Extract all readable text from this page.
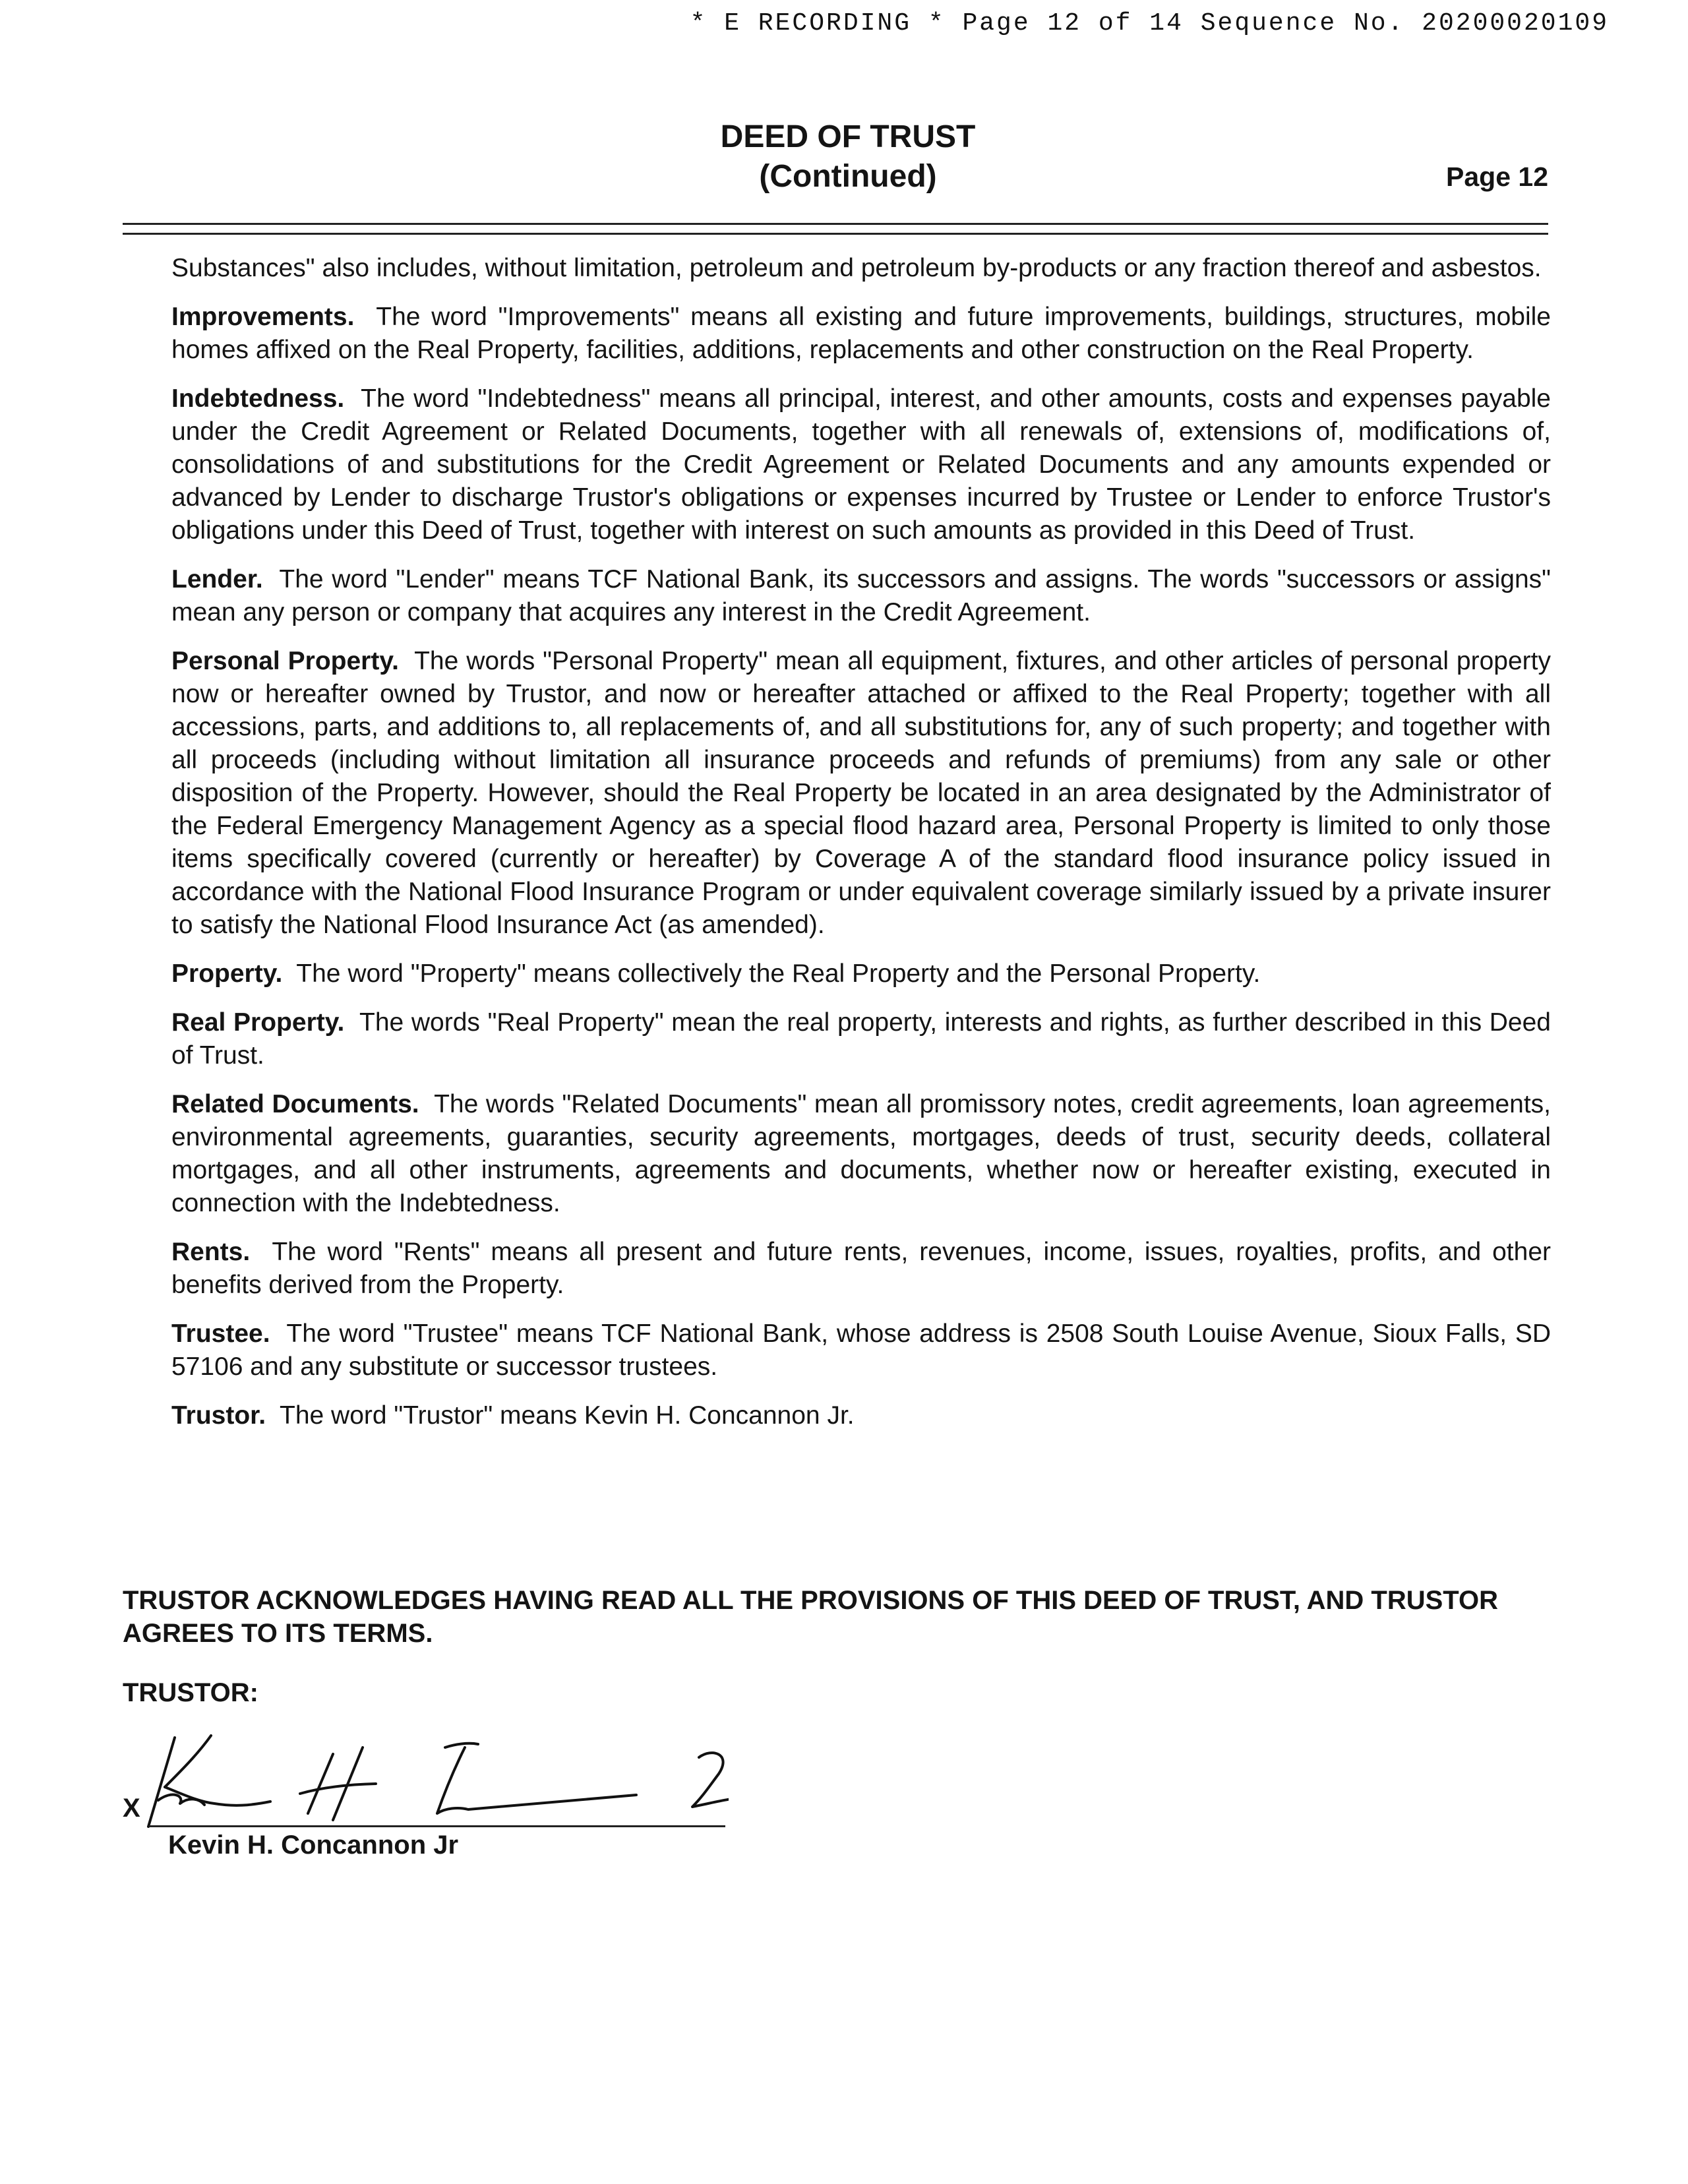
* E RECORDING * Page 12 of 14 Sequence No. 20200020109
DEED OF TRUST
(Continued)	Page 12

Substances" also includes, without limitation, petroleum and petroleum by-products or any fraction thereof and asbestos.

Improvements. The word "Improvements" means all existing and future improvements, buildings, structures, mobile homes affixed on the Real Property, facilities, additions, replacements and other construction on the Real Property.

Indebtedness. The word "Indebtedness" means all principal, interest, and other amounts, costs and expenses payable under the Credit Agreement or Related Documents, together with all renewals of, extensions of, modifications of, consolidations of and substitutions for the Credit Agreement or Related Documents and any amounts expended or advanced by Lender to discharge Trustor's obligations or expenses incurred by Trustee or Lender to enforce Trustor's obligations under this Deed of Trust, together with interest on such amounts as provided in this Deed of Trust.

Lender. The word "Lender" means TCF National Bank, its successors and assigns. The words "successors or assigns" mean any person or company that acquires any interest in the Credit Agreement.

Personal Property. The words "Personal Property" mean all equipment, fixtures, and other articles of personal property now or hereafter owned by Trustor, and now or hereafter attached or affixed to the Real Property; together with all accessions, parts, and additions to, all replacements of, and all substitutions for, any of such property; and together with all proceeds (including without limitation all insurance proceeds and refunds of premiums) from any sale or other disposition of the Property. However, should the Real Property be located in an area designated by the Administrator of the Federal Emergency Management Agency as a special flood hazard area, Personal Property is limited to only those items specifically covered (currently or hereafter) by Coverage A of the standard flood insurance policy issued in accordance with the National Flood Insurance Program or under equivalent coverage similarly issued by a private insurer to satisfy the National Flood Insurance Act (as amended).

Property. The word "Property" means collectively the Real Property and the Personal Property.

Real Property. The words "Real Property" mean the real property, interests and rights, as further described in this Deed of Trust.

Related Documents. The words "Related Documents" mean all promissory notes, credit agreements, loan agreements, environmental agreements, guaranties, security agreements, mortgages, deeds of trust, security deeds, collateral mortgages, and all other instruments, agreements and documents, whether now or hereafter existing, executed in connection with the Indebtedness.

Rents. The word "Rents" means all present and future rents, revenues, income, issues, royalties, profits, and other benefits derived from the Property.

Trustee. The word "Trustee" means TCF National Bank, whose address is 2508 South Louise Avenue, Sioux Falls, SD 57106 and any substitute or successor trustees.

Trustor. The word "Trustor" means Kevin H. Concannon Jr.

TRUSTOR ACKNOWLEDGES HAVING READ ALL THE PROVISIONS OF THIS DEED OF TRUST, AND TRUSTOR AGREES TO ITS TERMS.
TRUSTOR:
X
Kevin H. Concannon Jr
